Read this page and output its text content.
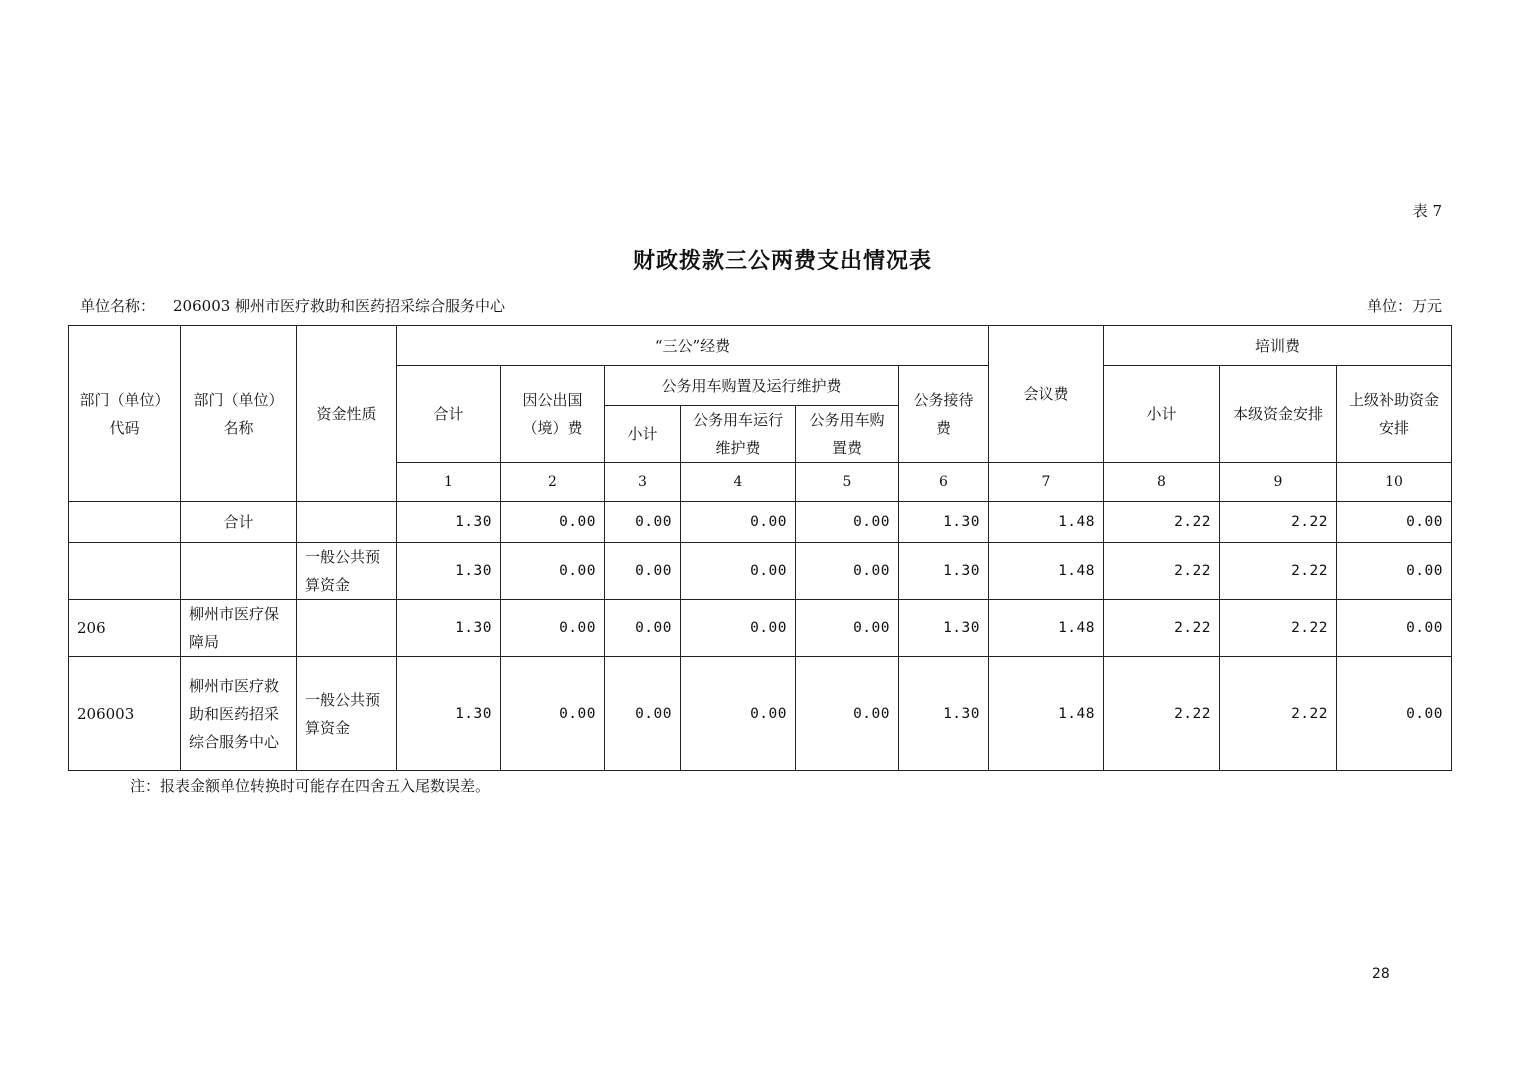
表 7
财政拨款三公两费支出情况表
单位名称： 206003 柳州市医疗救助和医药招采综合服务中心	单位：万元
部门（单位）代码	部门（单位）名称	资金性质	“三公”经费						会议费	培训费		
			合计	因公出国（境）费	公务用车购置及运行维护费			公务接待费		小计	本级资金安排	上级补助资金安排
					小计	公务用车运行维护费	公务用车购置费					
			1	2	3	4	5	6	7	8	9	10
	合计		1.30	0.00	0.00	0.00	0.00	1.30	1.48	2.22	2.22	0.00
		一般公共预算资金	1.30	0.00	0.00	0.00	0.00	1.30	1.48	2.22	2.22	0.00
206	柳州市医疗保障局		1.30	0.00	0.00	0.00	0.00	1.30	1.48	2.22	2.22	0.00
206003	柳州市医疗救助和医药招采综合服务中心	一般公共预算资金	1.30	0.00	0.00	0.00	0.00	1.30	1.48	2.22	2.22	0.00
注：报表金额单位转换时可能存在四舍五入尾数误差。
28
